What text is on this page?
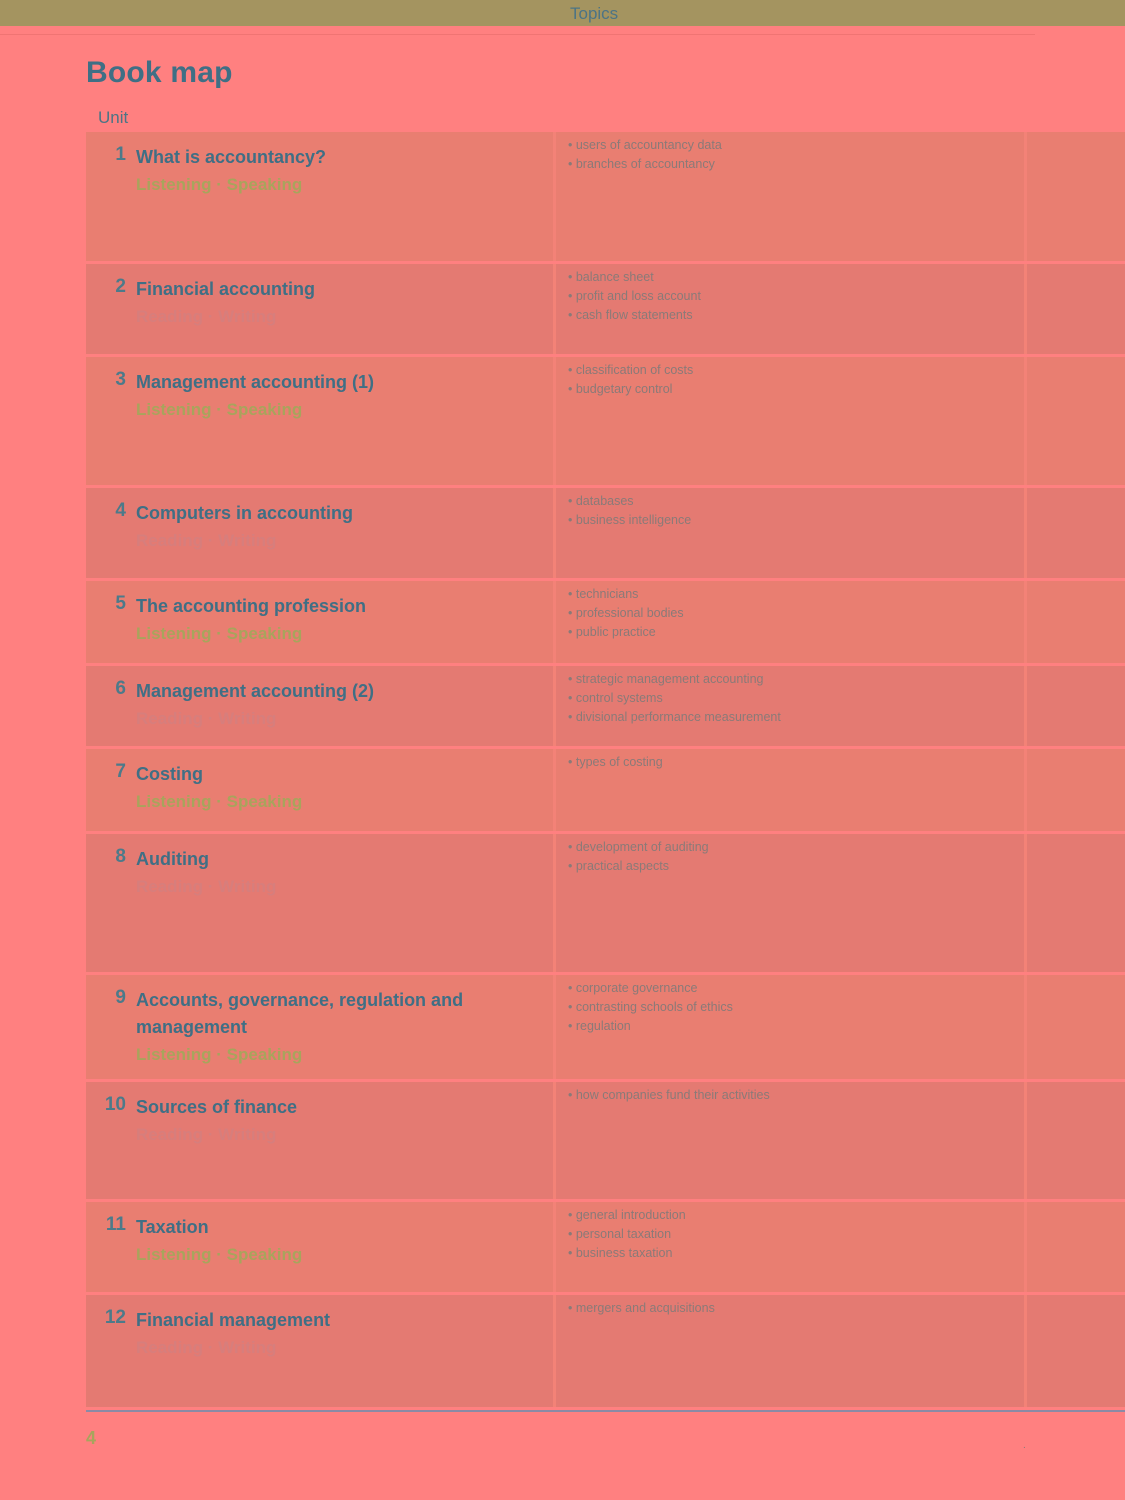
Book map
Unit
Topics
1 What is accountancy?
Listening · Speaking
• users of accountancy data
• branches of accountancy
2 Financial accounting
Reading · Writing
• balance sheet
• profit and loss account
• cash flow statements
3 Management accounting (1)
Listening · Speaking
• classification of costs
• budgetary control
4 Computers in accounting
Reading · Writing
• databases
• business intelligence
5 The accounting profession
Listening · Speaking
• technicians
• professional bodies
• public practice
6 Management accounting (2)
Reading · Writing
• strategic management accounting
• control systems
• divisional performance measurement
7 Costing
Listening · Speaking
• types of costing
8 Auditing
Reading · Writing
• development of auditing
• practical aspects
9 Accounts, governance, regulation and management
Listening · Speaking
• corporate governance
• contrasting schools of ethics
• regulation
10 Sources of finance
Reading · Writing
• how companies fund their activities
11 Taxation
Listening · Speaking
• general introduction
• personal taxation
• business taxation
12 Financial management
Reading · Writing
• mergers and acquisitions
4	.
